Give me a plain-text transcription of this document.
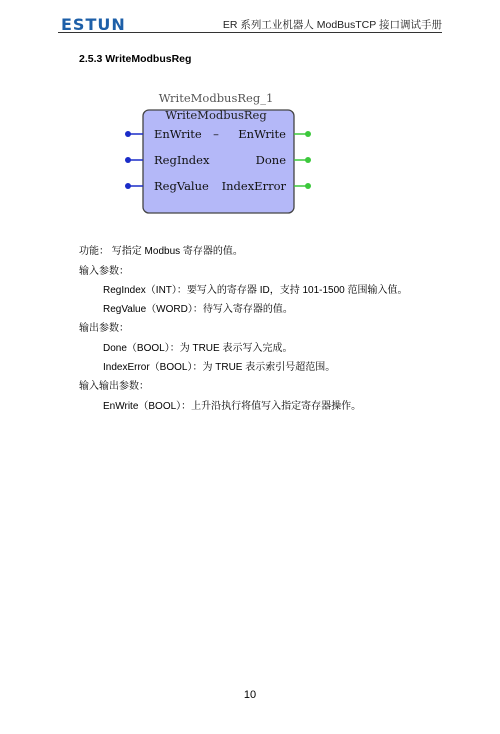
ESTUN	ER 系列工业机器人 ModBusTCP 接口调试手册
2.5.3 WriteModbusReg
WriteModbusReg_1
WriteModbusReg
EnWrite
RegIndex
RegValue
– EnWrite
Done
IndexError
功能： 写指定 Modbus 寄存器的值。
输入参数：
RegIndex（INT）：要写入的寄存器 ID，支持 101-1500 范围输入值。
RegValue（WORD）：待写入寄存器的值。
输出参数：
Done（BOOL）：为 TRUE 表示写入完成。
IndexError（BOOL）：为 TRUE 表示索引号超范围。
输入输出参数：
EnWrite（BOOL）：上升沿执行将值写入指定寄存器操作。
10
